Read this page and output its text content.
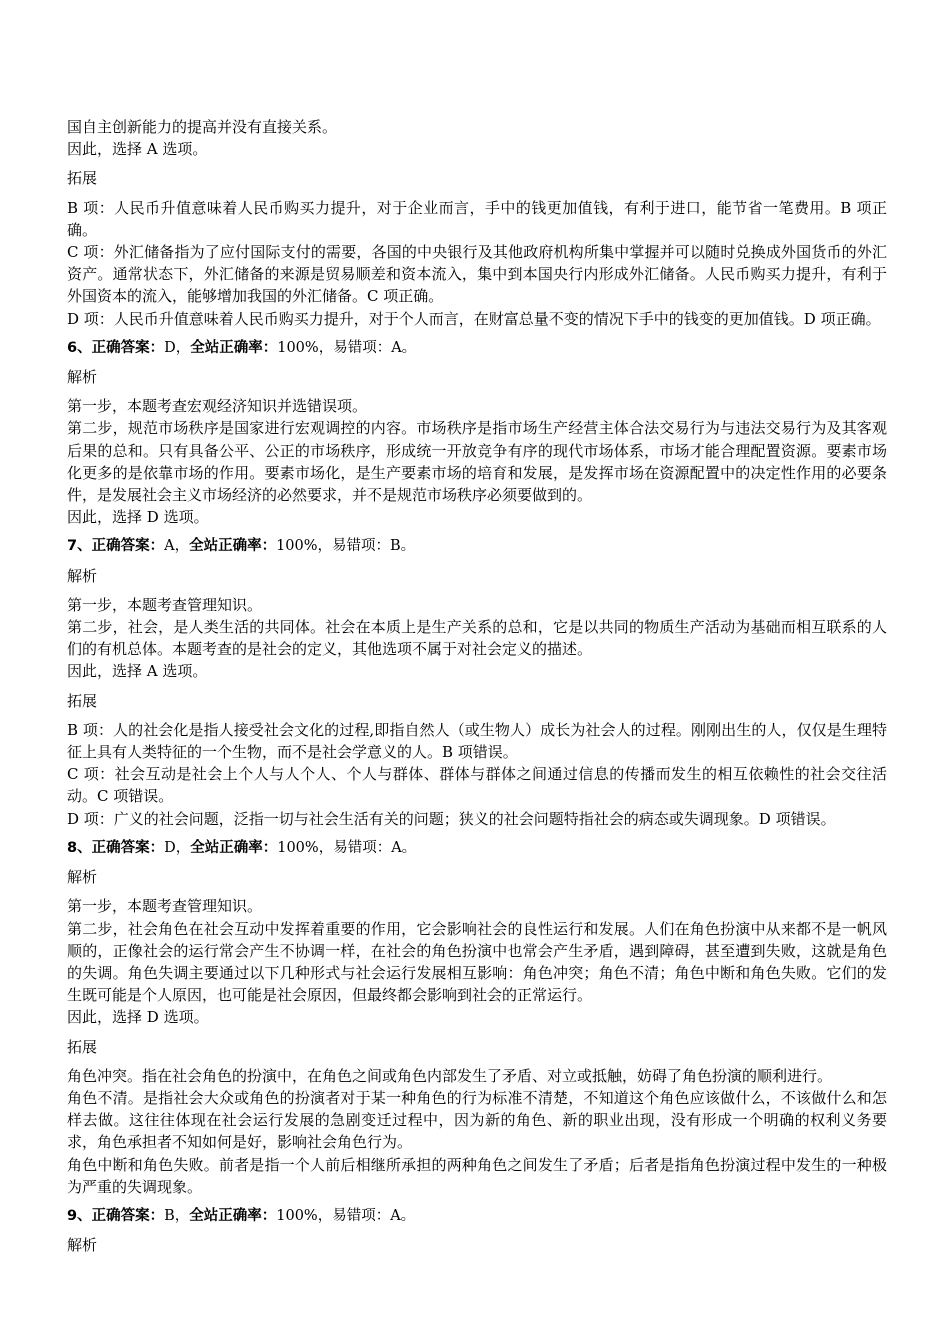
国自主创新能力的提高并没有直接关系。

因此，选择 A 选项。

拓展

B 项：人民币升值意味着人民币购买力提升，对于企业而言，手中的钱更加值钱，有利于进口，能节省一笔费用。B 项正确。

C 项：外汇储备指为了应付国际支付的需要，各国的中央银行及其他政府机构所集中掌握并可以随时兑换成外国货币的外汇资产。通常状态下，外汇储备的来源是贸易顺差和资本流入，集中到本国央行内形成外汇储备。人民币购买力提升，有利于外国资本的流入，能够增加我国的外汇储备。C 项正确。

D 项：人民币升值意味着人民币购买力提升，对于个人而言，在财富总量不变的情况下手中的钱变的更加值钱。D 项正确。

6、正确答案：D，全站正确率：100%，易错项：A。

解析

第一步，本题考查宏观经济知识并选错误项。

第二步，规范市场秩序是国家进行宏观调控的内容。市场秩序是指市场生产经营主体合法交易行为与违法交易行为及其客观后果的总和。只有具备公平、公正的市场秩序，形成统一开放竞争有序的现代市场体系，市场才能合理配置资源。要素市场化更多的是依靠市场的作用。要素市场化，是生产要素市场的培育和发展，是发挥市场在资源配置中的决定性作用的必要条件，是发展社会主义市场经济的必然要求，并不是规范市场秩序必须要做到的。

因此，选择 D 选项。

7、正确答案：A，全站正确率：100%，易错项：B。

解析

第一步，本题考查管理知识。

第二步，社会，是人类生活的共同体。社会在本质上是生产关系的总和，它是以共同的物质生产活动为基础而相互联系的人们的有机总体。本题考查的是社会的定义，其他选项不属于对社会定义的描述。

因此，选择 A 选项。

拓展

B 项：人的社会化是指人接受社会文化的过程,即指自然人（或生物人）成长为社会人的过程。刚刚出生的人，仅仅是生理特征上具有人类特征的一个生物，而不是社会学意义的人。B 项错误。

C 项：社会互动是社会上个人与人个人、个人与群体、群体与群体之间通过信息的传播而发生的相互依赖性的社会交往活动。C 项错误。

D 项：广义的社会问题，泛指一切与社会生活有关的问题；狭义的社会问题特指社会的病态或失调现象。D 项错误。

8、正确答案：D，全站正确率：100%，易错项：A。

解析

第一步，本题考查管理知识。

第二步，社会角色在社会互动中发挥着重要的作用，它会影响社会的良性运行和发展。人们在角色扮演中从来都不是一帆风顺的，正像社会的运行常会产生不协调一样，在社会的角色扮演中也常会产生矛盾，遇到障碍，甚至遭到失败，这就是角色的失调。角色失调主要通过以下几种形式与社会运行发展相互影响：角色冲突；角色不清；角色中断和角色失败。它们的发生既可能是个人原因，也可能是社会原因，但最终都会影响到社会的正常运行。

因此，选择 D 选项。

拓展

角色冲突。指在社会角色的扮演中，在角色之间或角色内部发生了矛盾、对立或抵触，妨碍了角色扮演的顺利进行。

角色不清。是指社会大众或角色的扮演者对于某一种角色的行为标准不清楚，不知道这个角色应该做什么，不该做什么和怎样去做。这往往体现在社会运行发展的急剧变迁过程中，因为新的角色、新的职业出现，没有形成一个明确的权利义务要求，角色承担者不知如何是好，影响社会角色行为。

角色中断和角色失败。前者是指一个人前后相继所承担的两种角色之间发生了矛盾；后者是指角色扮演过程中发生的一种极为严重的失调现象。

9、正确答案：B，全站正确率：100%，易错项：A。

解析
